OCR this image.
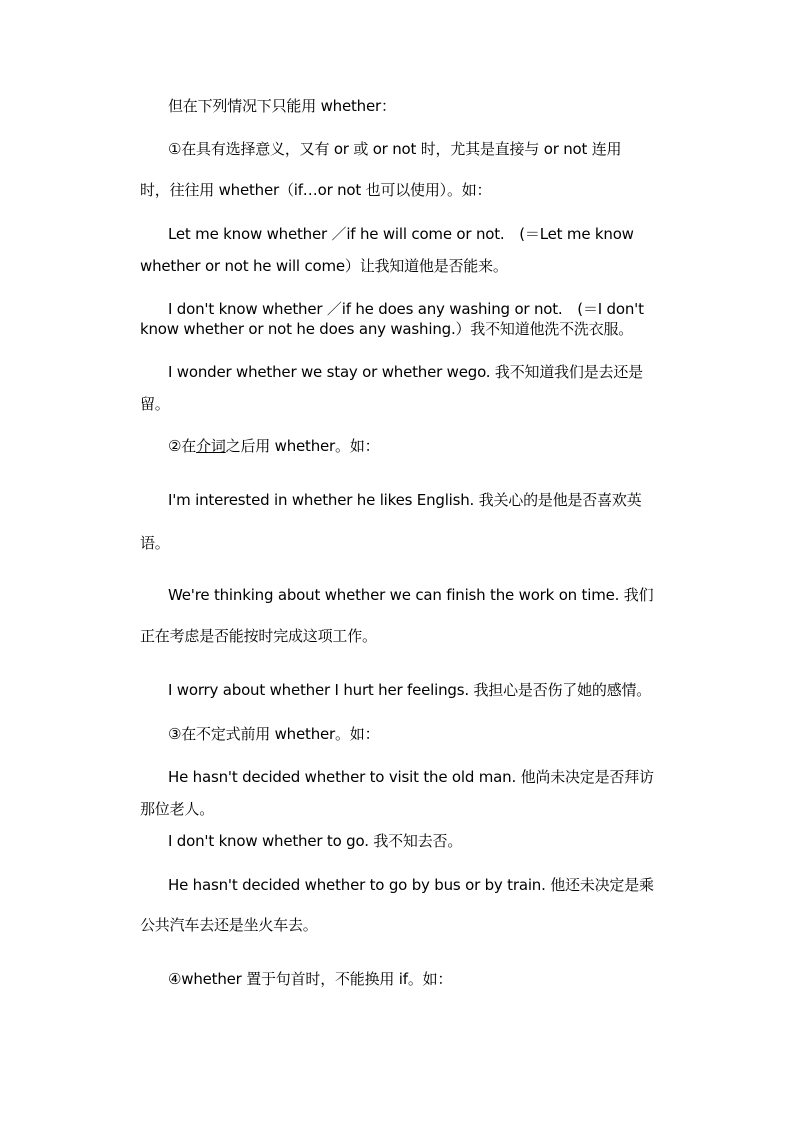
但在下列情况下只能用 whether：
①在具有选择意义，又有 or 或 or not 时，尤其是直接与 or not 连用
时，往往用 whether（if…or not 也可以使用）。如：
Let me know whether ／if he will come or not.　(＝Let me know
whether or not he will come）让我知道他是否能来。
I don't know whether ／if he does any washing or not.　(＝I don't
know whether or not he does any washing.）我不知道他洗不洗衣服。
I wonder whether we stay or whether wego. 我不知道我们是去还是
留。
②在介词之后用 whether。如：
I'm interested in whether he likes English. 我关心的是他是否喜欢英
语。
We're thinking about whether we can finish the work on time. 我们
正在考虑是否能按时完成这项工作。
I worry about whether I hurt her feelings. 我担心是否伤了她的感情。
③在不定式前用 whether。如：
He hasn't decided whether to visit the old man. 他尚未决定是否拜访
那位老人。
I don't know whether to go. 我不知去否。
He hasn't decided whether to go by bus or by train. 他还未决定是乘
公共汽车去还是坐火车去。
④whether 置于句首时，不能换用 if。如：
